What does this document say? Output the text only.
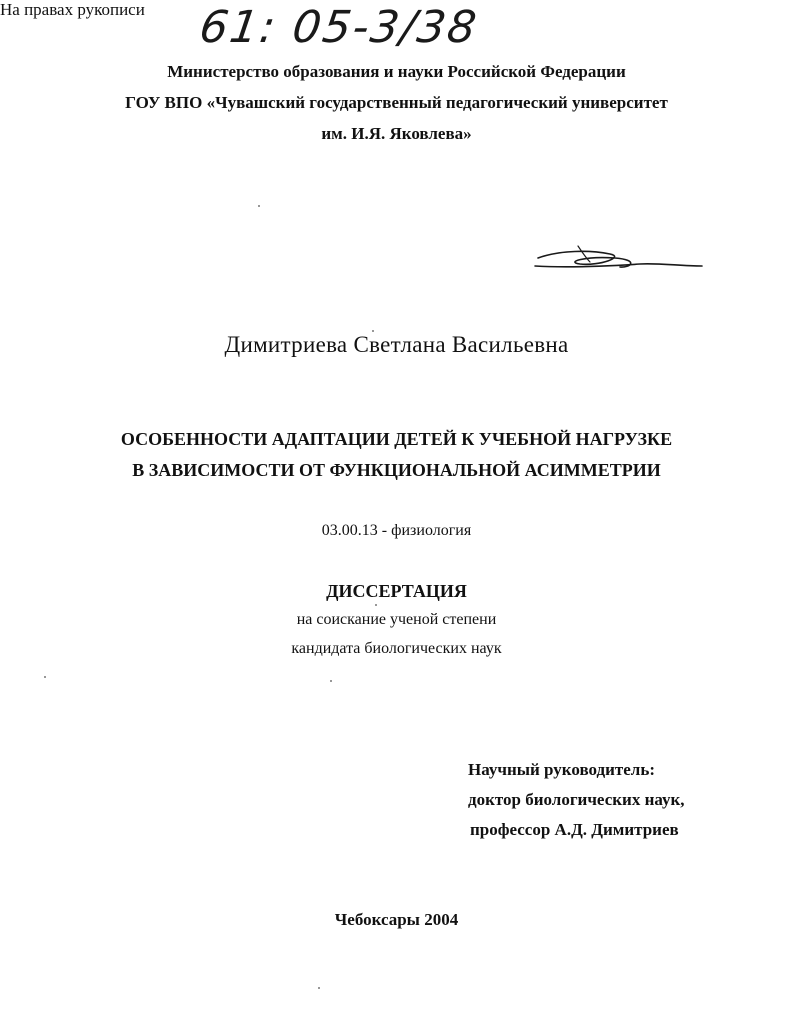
61: 05-3/38
Министерство образования и науки Российской Федерации
ГОУ ВПО «Чувашский государственный педагогический университет
им. И.Я. Яковлева»
На правах рукописи
Димитриева Светлана Васильевна
ОСОБЕННОСТИ АДАПТАЦИИ ДЕТЕЙ К УЧЕБНОЙ НАГРУЗКЕ
В ЗАВИСИМОСТИ ОТ ФУНКЦИОНАЛЬНОЙ АСИММЕТРИИ
03.00.13 - физиология
ДИССЕРТАЦИЯ
на соискание ученой степени
кандидата биологических наук
Научный руководитель:
доктор биологических наук,
профессор А.Д. Димитриев
Чебоксары 2004
